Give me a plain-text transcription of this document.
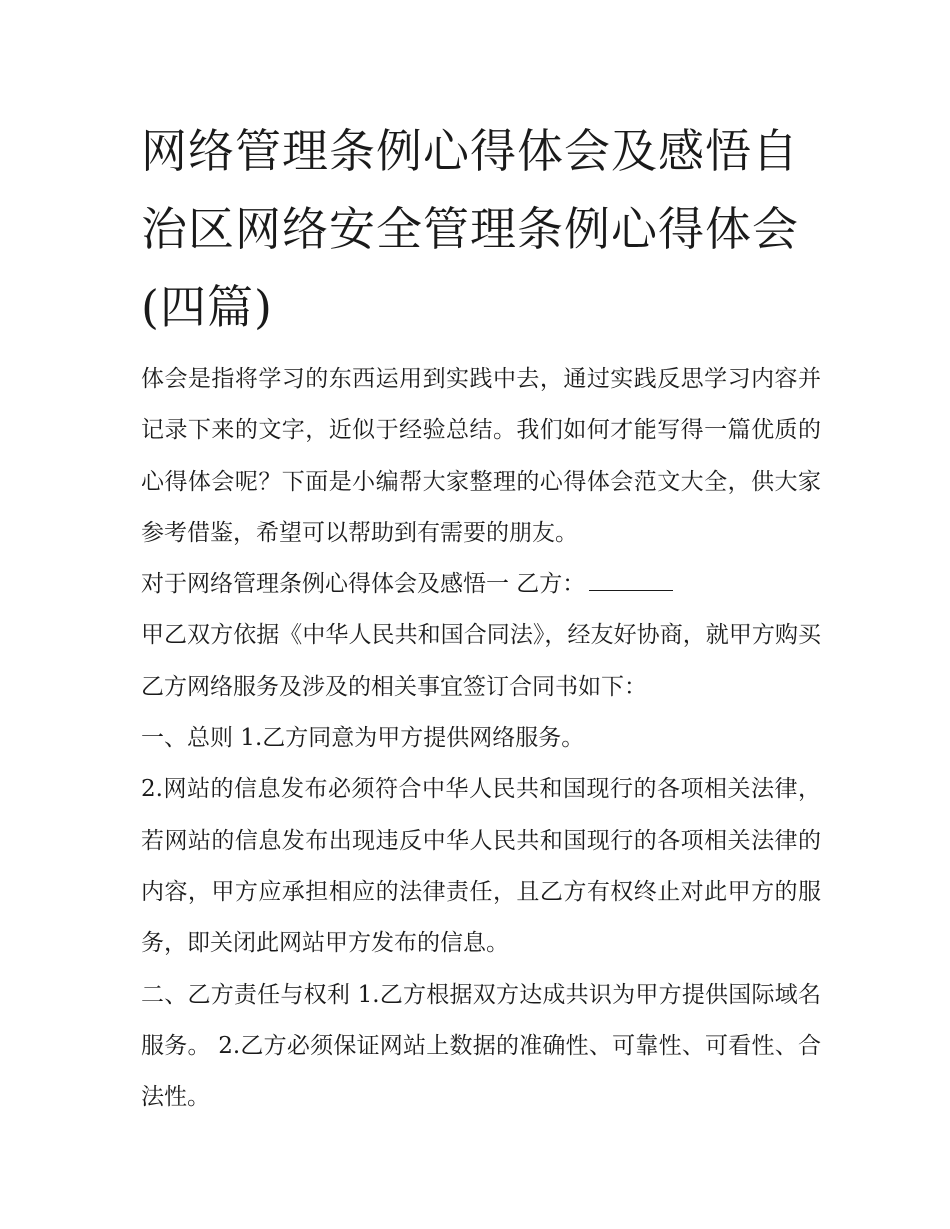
网络管理条例心得体会及感悟自治区网络安全管理条例心得体会(四篇)

体会是指将学习的东西运用到实践中去，通过实践反思学习内容并记录下来的文字，近似于经验总结。我们如何才能写得一篇优质的心得体会呢？下面是小编帮大家整理的心得体会范文大全，供大家参考借鉴，希望可以帮助到有需要的朋友。

对于网络管理条例心得体会及感悟一 乙方：

甲乙双方依据《中华人民共和国合同法》，经友好协商，就甲方购买乙方网络服务及涉及的相关事宜签订合同书如下：

一、总则 1.乙方同意为甲方提供网络服务。

2.网站的信息发布必须符合中华人民共和国现行的各项相关法律，若网站的信息发布出现违反中华人民共和国现行的各项相关法律的内容，甲方应承担相应的法律责任，且乙方有权终止对此甲方的服务，即关闭此网站甲方发布的信息。

二、乙方责任与权利 1.乙方根据双方达成共识为甲方提供国际域名服务。 2.乙方必须保证网站上数据的准确性、可靠性、可看性、合法性。
